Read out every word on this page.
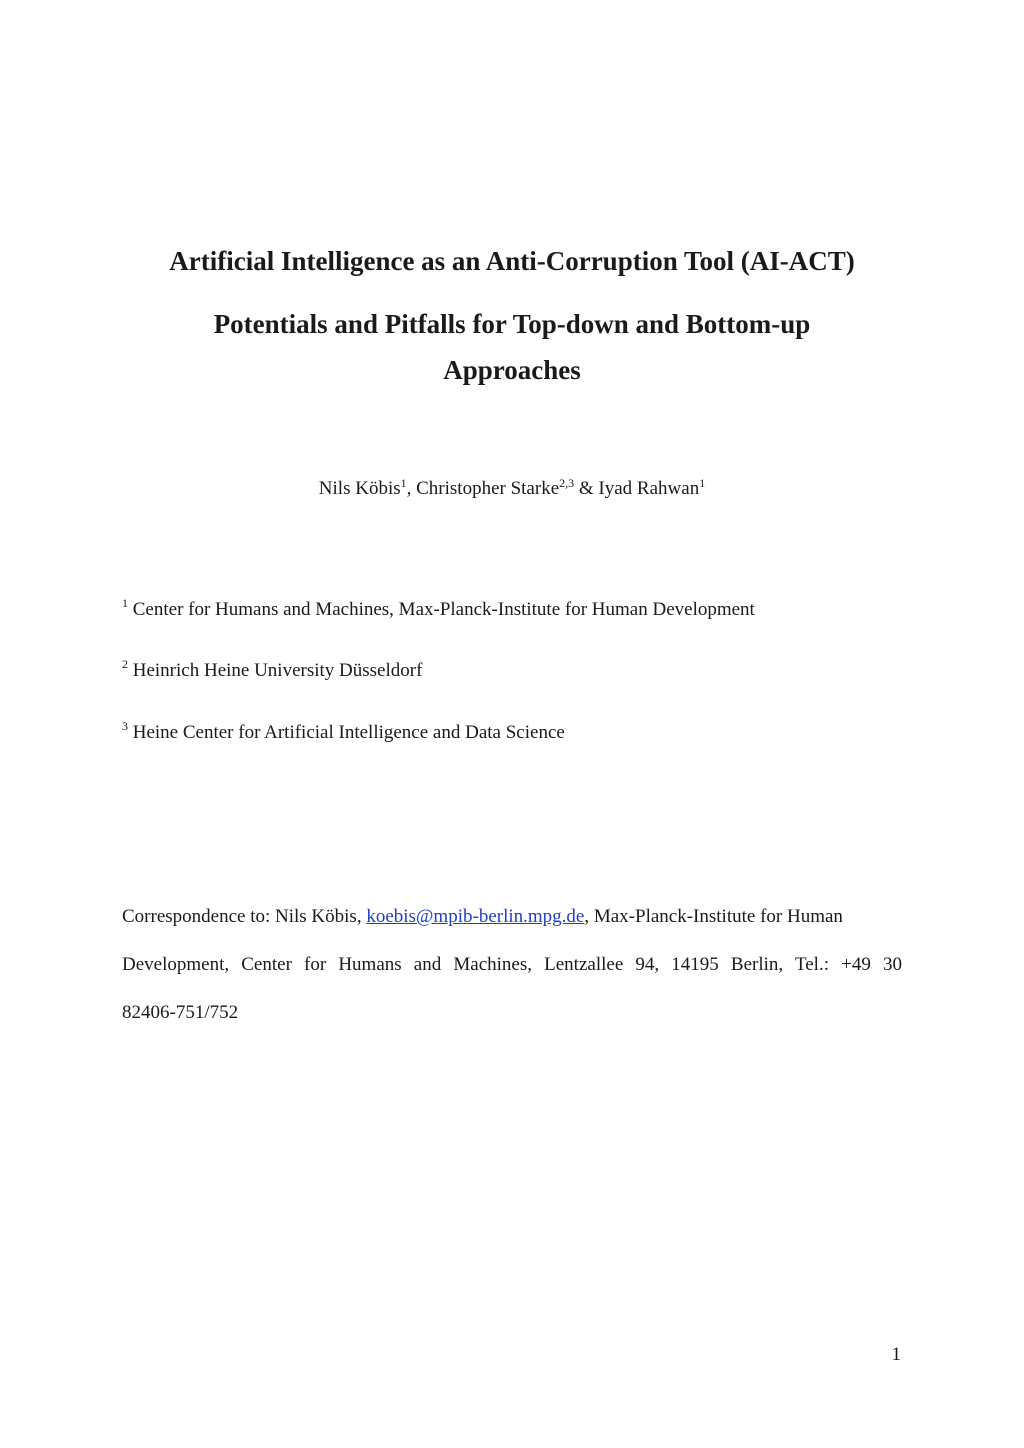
Artificial Intelligence as an Anti-Corruption Tool (AI-ACT)
Potentials and Pitfalls for Top-down and Bottom-up
Approaches
Nils Köbis$^1$, Christopher Starke$^{2,3}$ & Iyad Rahwan$^1$
$^1$ Center for Humans and Machines, Max-Planck-Institute for Human Development
$^2$ Heinrich Heine University Düsseldorf
$^3$ Heine Center for Artificial Intelligence and Data Science
Correspondence to: Nils Köbis, koebis@mpib-berlin.mpg.de, Max-Planck-Institute for Human
Development, Center for Humans and Machines, Lentzallee 94, 14195 Berlin, Tel.: +49 30
82406-751/752
1
